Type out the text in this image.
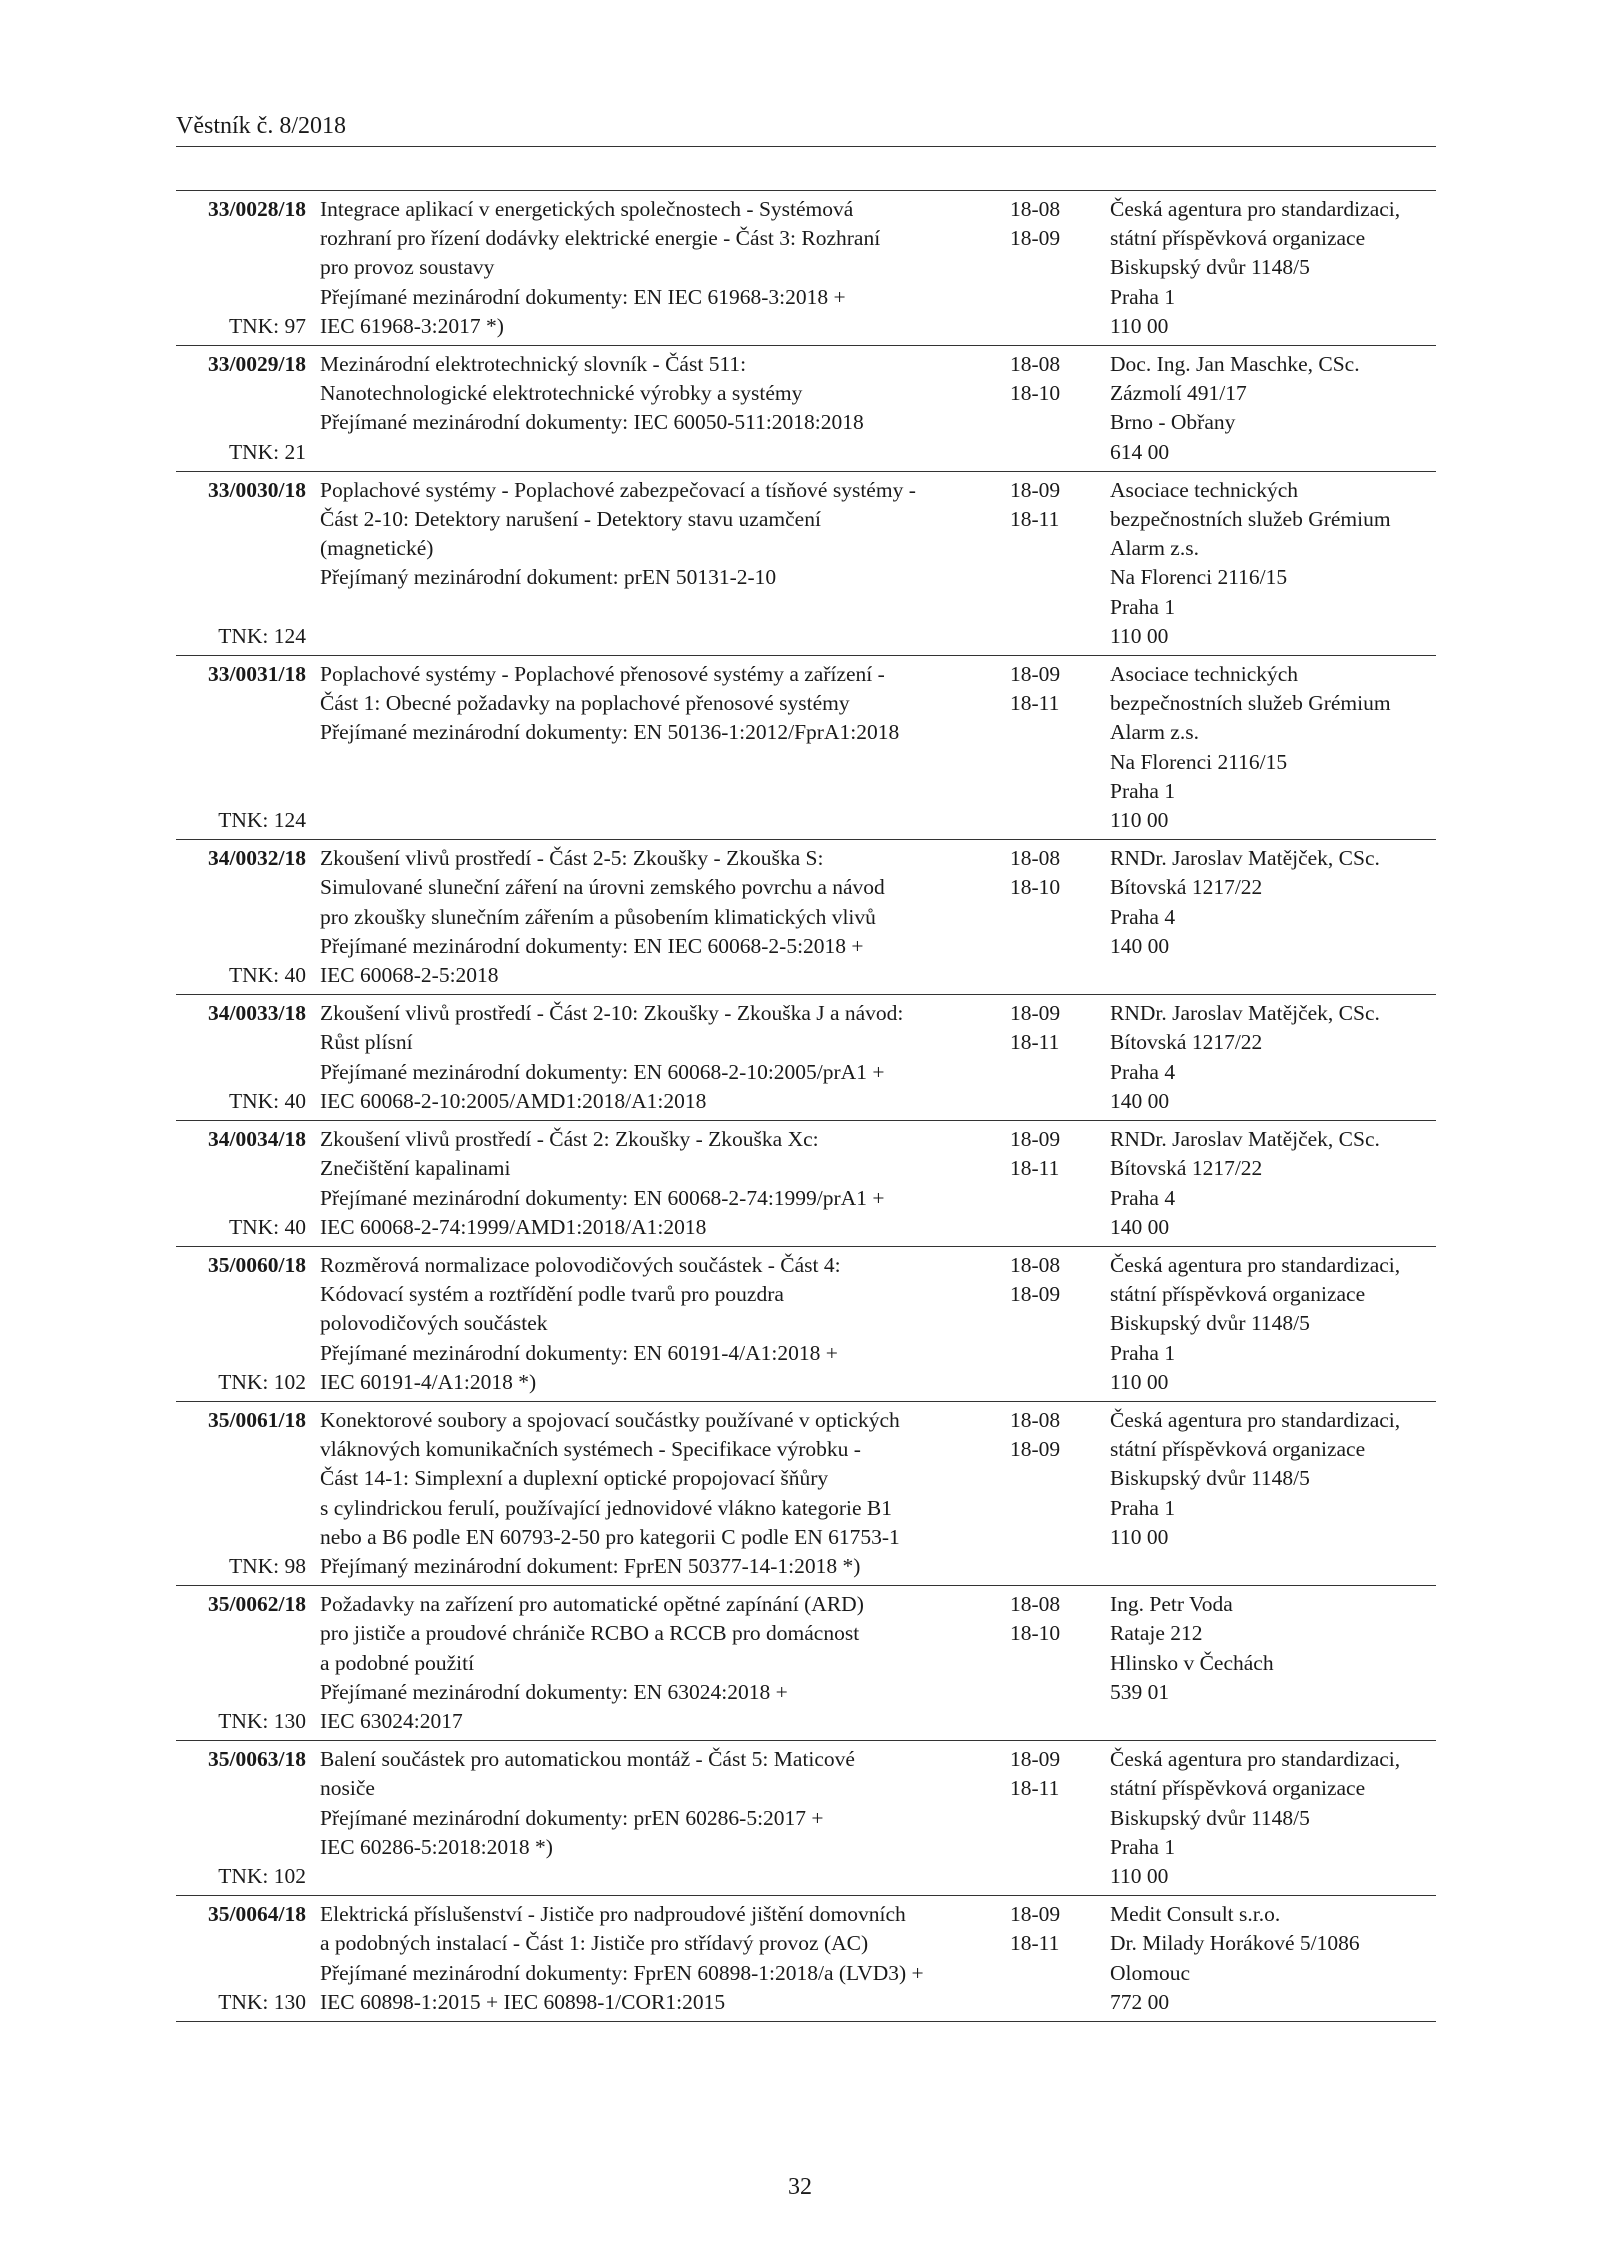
Věstník č. 8/2018
33/0028/18
TNK: 97
Integrace aplikací v energetických společnostech - Systémová
rozhraní pro řízení dodávky elektrické energie - Část 3: Rozhraní
pro provoz soustavy
Přejímané mezinárodní dokumenty: EN IEC 61968-3:2018 +
IEC 61968-3:2017 *)
18-08
18-09
Česká agentura pro standardizaci,
státní příspěvková organizace
Biskupský dvůr 1148/5
Praha 1
110 00
33/0029/18
TNK: 21
Mezinárodní elektrotechnický slovník - Část 511:
Nanotechnologické elektrotechnické výrobky a systémy
Přejímané mezinárodní dokumenty: IEC 60050-511:2018:2018
18-08
18-10
Doc. Ing. Jan Maschke, CSc.
Zázmolí 491/17
Brno - Obřany
614 00
33/0030/18
TNK: 124
Poplachové systémy - Poplachové zabezpečovací a tísňové systémy -
Část 2-10: Detektory narušení - Detektory stavu uzamčení
(magnetické)
Přejímaný mezinárodní dokument: prEN 50131-2-10
18-09
18-11
Asociace technických
bezpečnostních služeb Grémium
Alarm z.s.
Na Florenci 2116/15
Praha 1
110 00
33/0031/18
TNK: 124
Poplachové systémy - Poplachové přenosové systémy a zařízení -
Část 1: Obecné požadavky na poplachové přenosové systémy
Přejímané mezinárodní dokumenty: EN 50136-1:2012/FprA1:2018
18-09
18-11
Asociace technických
bezpečnostních služeb Grémium
Alarm z.s.
Na Florenci 2116/15
Praha 1
110 00
34/0032/18
TNK: 40
Zkoušení vlivů prostředí - Část 2-5: Zkoušky - Zkouška S:
Simulované sluneční záření na úrovni zemského povrchu a návod
pro zkoušky slunečním zářením a působením klimatických vlivů
Přejímané mezinárodní dokumenty: EN IEC 60068-2-5:2018 +
IEC 60068-2-5:2018
18-08
18-10
RNDr. Jaroslav Matějček, CSc.
Bítovská 1217/22
Praha 4
140 00
34/0033/18
TNK: 40
Zkoušení vlivů prostředí - Část 2-10: Zkoušky - Zkouška J a návod:
Růst plísní
Přejímané mezinárodní dokumenty: EN 60068-2-10:2005/prA1 +
IEC 60068-2-10:2005/AMD1:2018/A1:2018
18-09
18-11
RNDr. Jaroslav Matějček, CSc.
Bítovská 1217/22
Praha 4
140 00
34/0034/18
TNK: 40
Zkoušení vlivů prostředí - Část 2: Zkoušky - Zkouška Xc:
Znečištění kapalinami
Přejímané mezinárodní dokumenty: EN 60068-2-74:1999/prA1 +
IEC 60068-2-74:1999/AMD1:2018/A1:2018
18-09
18-11
RNDr. Jaroslav Matějček, CSc.
Bítovská 1217/22
Praha 4
140 00
35/0060/18
TNK: 102
Rozměrová normalizace polovodičových součástek - Část 4:
Kódovací systém a roztřídění podle tvarů pro pouzdra
polovodičových součástek
Přejímané mezinárodní dokumenty: EN 60191-4/A1:2018 +
IEC 60191-4/A1:2018 *)
18-08
18-09
Česká agentura pro standardizaci,
státní příspěvková organizace
Biskupský dvůr 1148/5
Praha 1
110 00
35/0061/18
TNK: 98
Konektorové soubory a spojovací součástky používané v optických
vláknových komunikačních systémech - Specifikace výrobku -
Část 14-1: Simplexní a duplexní optické propojovací šňůry
s cylindrickou ferulí, používající jednovidové vlákno kategorie B1
nebo a B6 podle EN 60793-2-50 pro kategorii C podle EN 61753-1
Přejímaný mezinárodní dokument: FprEN 50377-14-1:2018 *)
18-08
18-09
Česká agentura pro standardizaci,
státní příspěvková organizace
Biskupský dvůr 1148/5
Praha 1
110 00
35/0062/18
TNK: 130
Požadavky na zařízení pro automatické opětné zapínání (ARD)
pro jističe a proudové chrániče RCBO a RCCB pro domácnost
a podobné použití
Přejímané mezinárodní dokumenty: EN 63024:2018 +
IEC 63024:2017
18-08
18-10
Ing. Petr Voda
Rataje 212
Hlinsko v Čechách
539 01
35/0063/18
TNK: 102
Balení součástek pro automatickou montáž - Část 5: Maticové
nosiče
Přejímané mezinárodní dokumenty: prEN 60286-5:2017 +
IEC 60286-5:2018:2018 *)
18-09
18-11
Česká agentura pro standardizaci,
státní příspěvková organizace
Biskupský dvůr 1148/5
Praha 1
110 00
35/0064/18
TNK: 130
Elektrická příslušenství - Jističe pro nadproudové jištění domovních
a podobných instalací - Část 1: Jističe pro střídavý provoz (AC)
Přejímané mezinárodní dokumenty: FprEN 60898-1:2018/a (LVD3) +
IEC 60898-1:2015 + IEC 60898-1/COR1:2015
18-09
18-11
Medit Consult s.r.o.
Dr. Milady Horákové 5/1086
Olomouc
772 00
32
